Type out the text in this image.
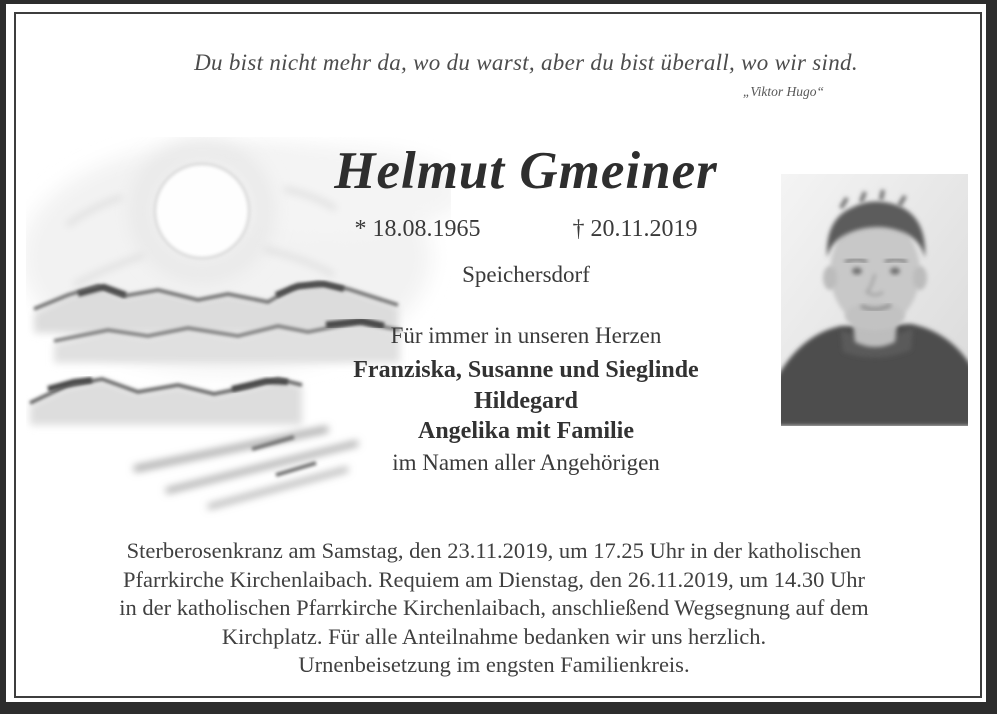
Du bist nicht mehr da, wo du warst, aber du bist überall, wo wir sind.
„Viktor Hugo“
Helmut Gmeiner
* 18.08.1965	† 20.11.2019
Speichersdorf
Für immer in unseren Herzen
Franziska, Susanne und Sieglinde
Hildegard
Angelika mit Familie
im Namen aller Angehörigen
Sterberosenkranz am Samstag, den 23.11.2019, um 17.25 Uhr in der katholischen
Pfarrkirche Kirchenlaibach. Requiem am Dienstag, den 26.11.2019, um 14.30 Uhr
in der katholischen Pfarrkirche Kirchenlaibach, anschließend Wegsegnung auf dem
Kirchplatz. Für alle Anteilnahme bedanken wir uns herzlich.
Urnenbeisetzung im engsten Familienkreis.
